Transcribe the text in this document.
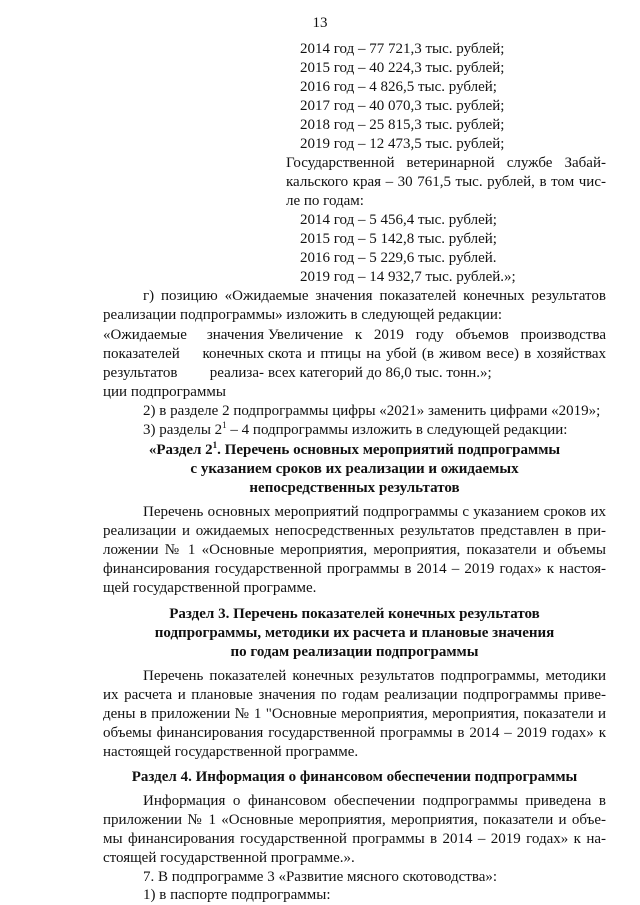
13
2014 год – 77 721,3 тыс. рублей;
2015 год – 40 224,3 тыс. рублей;
2016 год – 4 826,5 тыс. рублей;
2017 год – 40 070,3 тыс. рублей;
2018 год – 25 815,3 тыс. рублей;
2019 год – 12 473,5 тыс. рублей;
Государственной ветеринарной службе Забай-
кальского края – 30 761,5 тыс. рублей, в том чис-
ле по годам:
2014 год – 5 456,4 тыс. рублей;
2015 год – 5 142,8 тыс. рублей;
2016 год – 5 229,6 тыс. рублей.
2019 год – 14 932,7 тыс. рублей.»;
г) позицию «Ожидаемые значения показателей конечных результатов
реализации подпрограммы» изложить в следующей редакции:
«Ожидаемые значения
показателей конечных
результатов реализа-
ции подпрограммы
Увеличение к 2019 году объемов производства
скота и птицы на убой (в живом весе) в хозяйствах
всех категорий до 86,0 тыс. тонн.»;
2) в разделе 2 подпрограммы цифры «2021» заменить цифрами «2019»;
3) разделы $2^1 - 4$ подпрограммы изложить в следующей редакции:
«Раздел $2^1$. Перечень основных мероприятий подпрограммы
с указанием сроков их реализации и ожидаемых
непосредственных результатов
Перечень основных мероприятий подпрограммы с указанием сроков их
реализации и ожидаемых непосредственных результатов представлен в при-
ложении № 1 «Основные мероприятия, мероприятия, показатели и объемы
финансирования государственной программы в 2014 – 2019 годах» к настоя-
щей государственной программе.
Раздел 3. Перечень показателей конечных результатов
подпрограммы, методики их расчета и плановые значения
по годам реализации подпрограммы
Перечень показателей конечных результатов подпрограммы, методики
их расчета и плановые значения по годам реализации подпрограммы приве-
дены в приложении № 1 "Основные мероприятия, мероприятия, показатели и
объемы финансирования государственной программы в 2014 – 2019 годах» к
настоящей государственной программе.
Раздел 4. Информация о финансовом обеспечении подпрограммы
Информация о финансовом обеспечении подпрограммы приведена в
приложении № 1 «Основные мероприятия, мероприятия, показатели и объе-
мы финансирования государственной программы в 2014 – 2019 годах» к на-
стоящей государственной программе.».
7. В подпрограмме 3 «Развитие мясного скотоводства»:
1) в паспорте подпрограммы:
